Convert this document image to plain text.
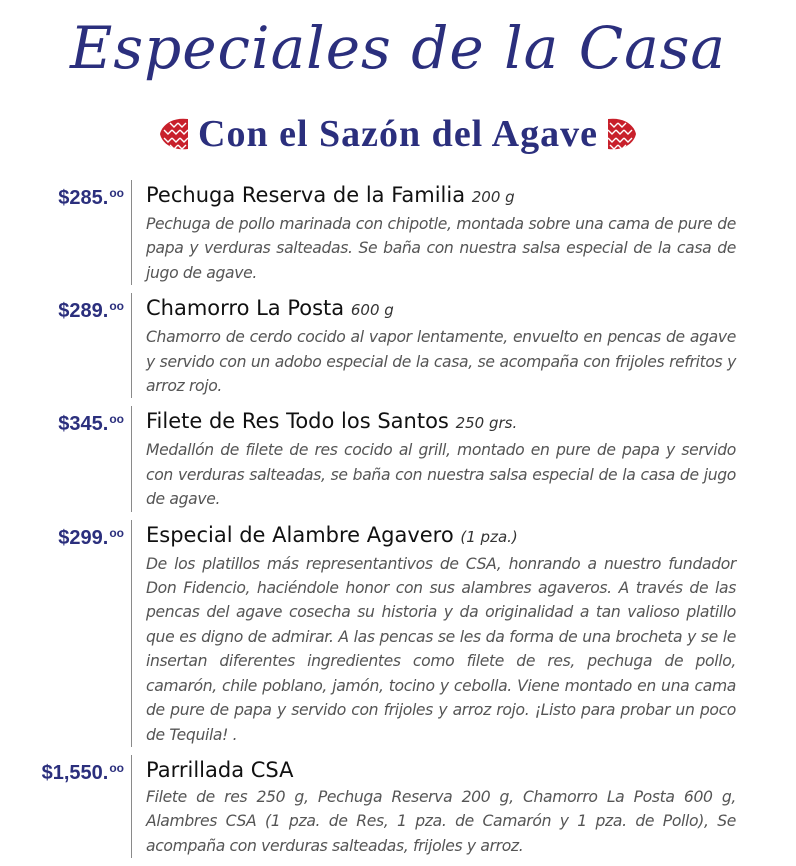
Especiales de la Casa
Con el Sazón del Agave
$285.$^{oo}$ Pechuga Reserva de la Familia 200 g
Pechuga de pollo marinada con chipotle, montada sobre una cama de pure de papa y verduras salteadas. Se baña con nuestra salsa especial de la casa de jugo de agave.
$289.$^{oo}$ Chamorro La Posta 600 g
Chamorro de cerdo cocido al vapor lentamente, envuelto en pencas de agave y servido con un adobo especial de la casa, se acompaña con frijoles refritos y arroz rojo.
$345.$^{oo}$ Filete de Res Todo los Santos 250 grs.
Medallón de filete de res cocido al grill, montado en pure de papa y servido con verduras salteadas, se baña con nuestra salsa especial de la casa de jugo de agave.
$299.$^{oo}$ Especial de Alambre Agavero (1 pza.)
De los platillos más representantivos de CSA, honrando a nuestro fundador Don Fidencio, haciéndole honor con sus alambres agaveros. A través de las pencas del agave cosecha su historia y da originalidad a tan valioso platillo que es digno de admirar. A las pencas se les da forma de una brocheta y se le insertan diferentes ingredientes como filete de res, pechuga de pollo, camarón, chile poblano, jamón, tocino y cebolla. Viene montado en una cama de pure de papa y servido con frijoles y arroz rojo. ¡Listo para probar un poco de Tequila! .
$1,550.$^{oo}$ Parrillada CSA
Filete de res 250 g, Pechuga Reserva 200 g, Chamorro La Posta 600 g, Alambres CSA (1 pza. de Res, 1 pza. de Camarón y 1 pza. de Pollo), Se acompaña con verduras salteadas, frijoles y arroz.
